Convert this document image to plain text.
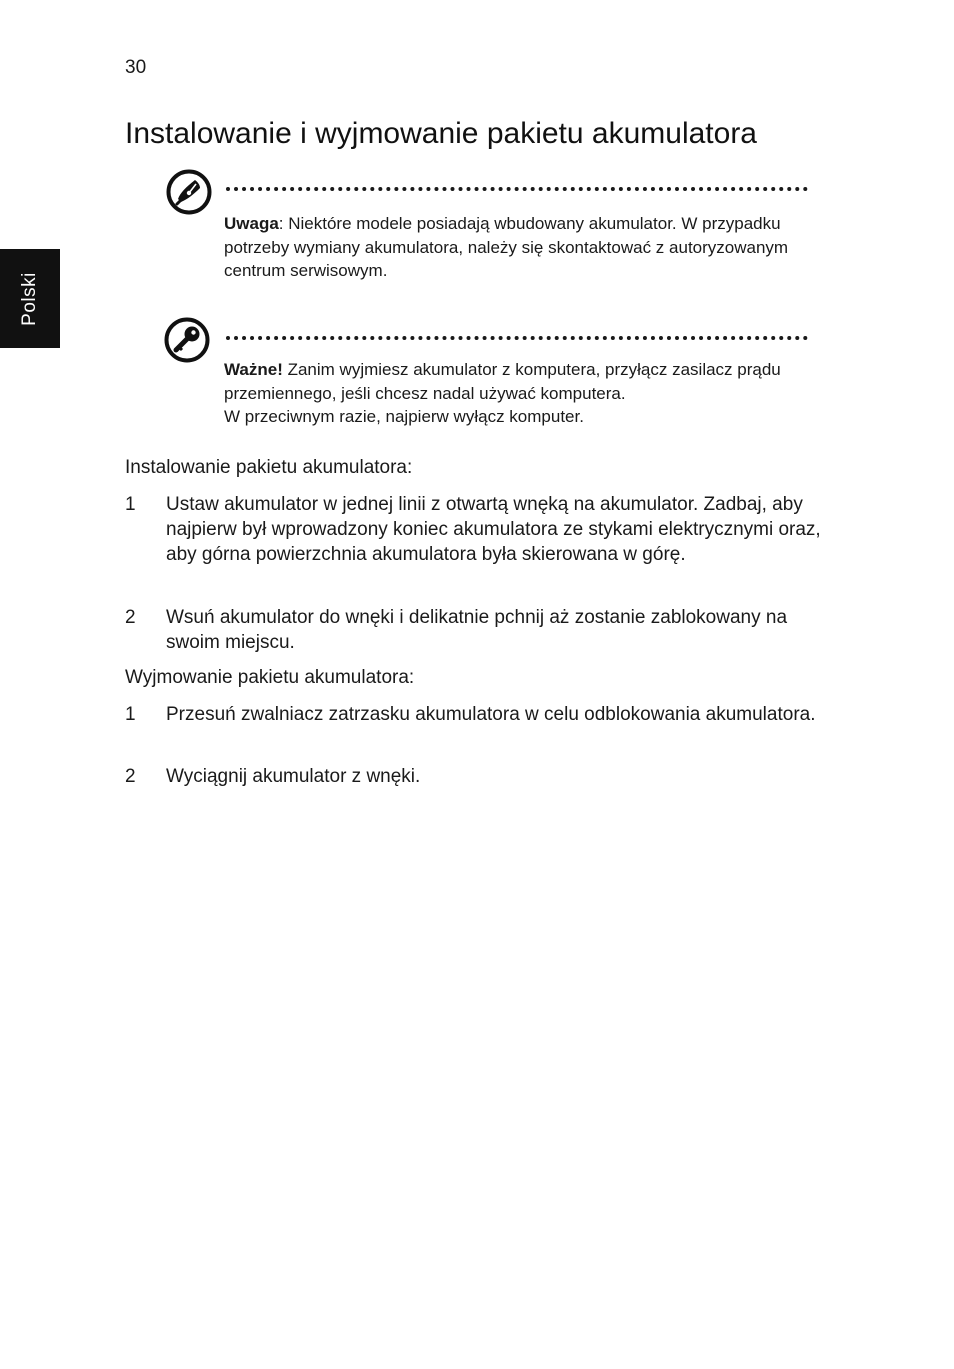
30
Polski
Instalowanie i wyjmowanie pakietu akumulatora
Uwaga: Niektóre modele posiadają wbudowany akumulator. W przypadku potrzeby wymiany akumulatora, należy się skontaktować z autoryzowanym centrum serwisowym.
Ważne! Zanim wyjmiesz akumulator z komputera, przyłącz zasilacz prądu przemiennego, jeśli chcesz nadal używać komputera.
W przeciwnym razie, najpierw wyłącz komputer.
Instalowanie pakietu akumulatora:
1 Ustaw akumulator w jednej linii z otwartą wnęką na akumulator. Zadbaj, aby najpierw był wprowadzony koniec akumulatora ze stykami elektrycznymi oraz, aby górna powierzchnia akumulatora była skierowana w górę.
2 Wsuń akumulator do wnęki i delikatnie pchnij aż zostanie zablokowany na swoim miejscu.
Wyjmowanie pakietu akumulatora:
1 Przesuń zwalniacz zatrzasku akumulatora w celu odblokowania akumulatora.
2 Wyciągnij akumulator z wnęki.
